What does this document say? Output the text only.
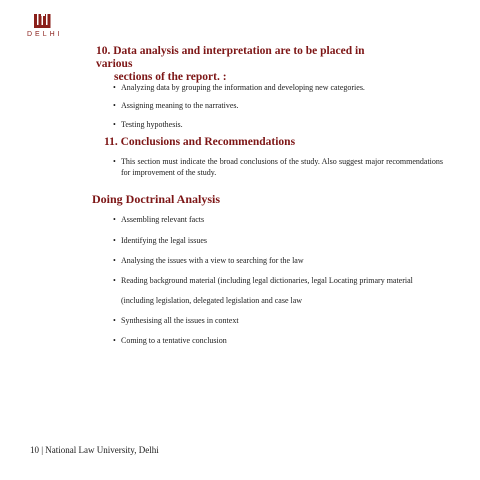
JUSTICE THROUGH LAW
DELHI
10. Data analysis and interpretation are to be placed in various
sections of the report. :
• Analyzing data by grouping the information and developing new categories.
• Assigning meaning to the narratives.
• Testing hypothesis.
11. Conclusions and Recommendations
• This section must indicate the broad conclusions of the study. Also suggest major recommendations for improvement of the study.
Doing Doctrinal Analysis
• Assembling relevant facts
• Identifying the legal issues
• Analysing the issues with a view to searching for the law
• Reading background material (including legal dictionaries, legal Locating primary material
(including legislation, delegated legislation and case law
• Synthesising all the issues in context
• Coming to a tentative conclusion
10 | National Law University, Delhi
